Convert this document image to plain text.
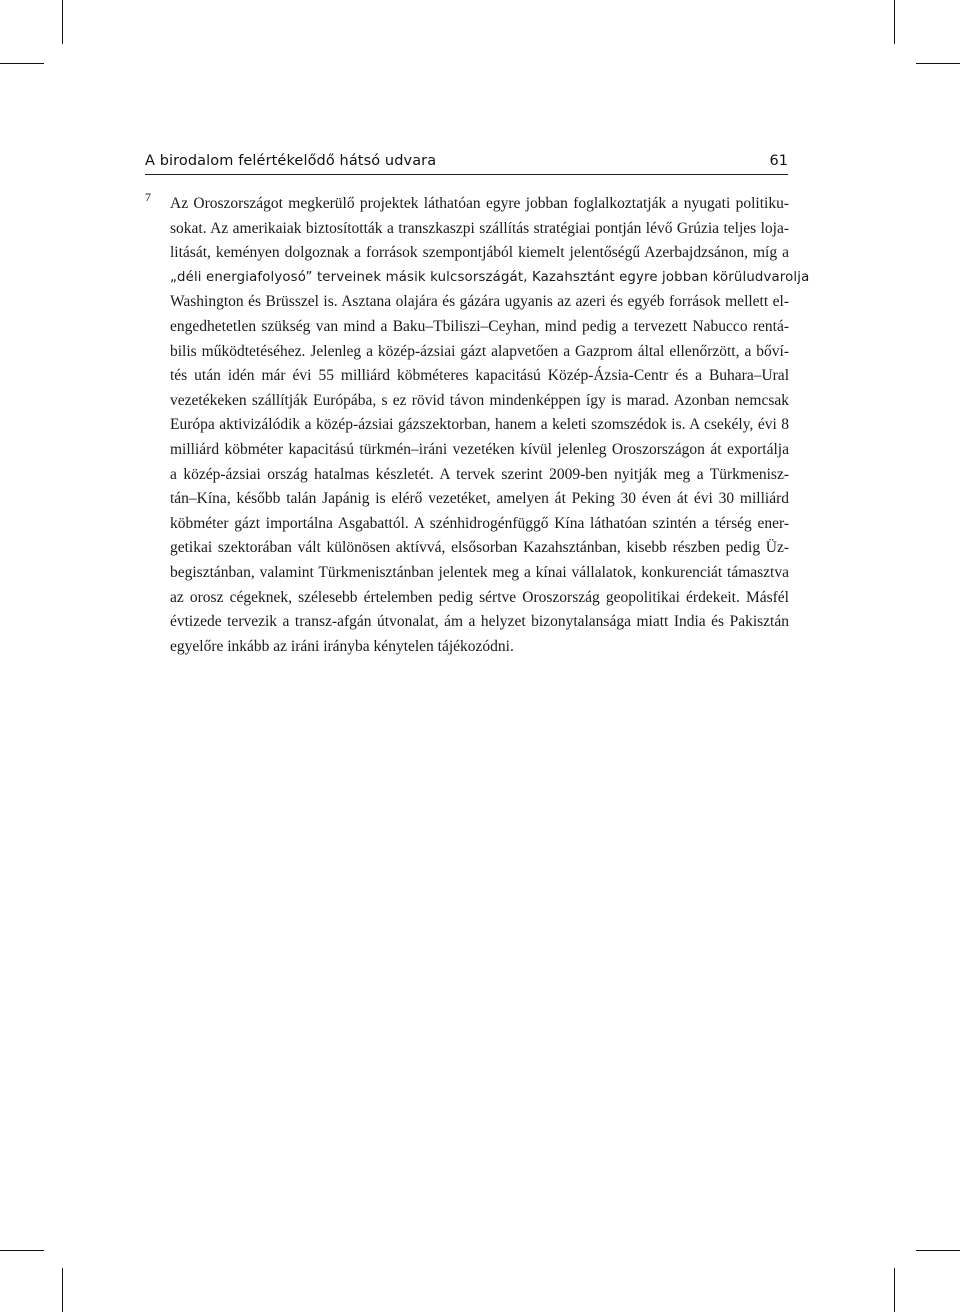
A birodalom felértékelődő hátsó udvara	61
7 Az Oroszországot megkerülő projektek láthatóan egyre jobban foglalkoztatják a nyugati politiku-
sokat. Az amerikaiak biztosították a transzkaszpi szállítás stratégiai pontján lévő Grúzia teljes loja-
litását, keményen dolgoznak a források szempontjából kiemelt jelentőségű Azerbajdzsánon, míg a
„déli energiafolyosó” terveinek másik kulcsországát, Kazahsztánt egyre jobban körüludvarolja
Washington és Brüsszel is. Asztana olajára és gázára ugyanis az azeri és egyéb források mellett el-
engedhetetlen szükség van mind a Baku–Tbiliszi–Ceyhan, mind pedig a tervezett Nabucco rentá-
bilis működtetéséhez. Jelenleg a közép-ázsiai gázt alapvetően a Gazprom által ellenőrzött, a bőví-
tés után idén már évi 55 milliárd köbméteres kapacitású Közép-Ázsia-Centr és a Buhara–Ural
vezetékeken szállítják Európába, s ez rövid távon mindenképpen így is marad. Azonban nemcsak
Európa aktivizálódik a közép-ázsiai gázszektorban, hanem a keleti szomszédok is. A csekély, évi 8
milliárd köbméter kapacitású türkmén–iráni vezetéken kívül jelenleg Oroszországon át exportálja
a közép-ázsiai ország hatalmas készletét. A tervek szerint 2009-ben nyitják meg a Türkmenisz-
tán–Kína, később talán Japánig is elérő vezetéket, amelyen át Peking 30 éven át évi 30 milliárd
köbméter gázt importálna Asgabattól. A szénhidrogénfüggő Kína láthatóan szintén a térség ener-
getikai szektorában vált különösen aktívvá, elsősorban Kazahsztánban, kisebb részben pedig Üz-
begisztánban, valamint Türkmenisztánban jelentek meg a kínai vállalatok, konkurenciát támasztva
az orosz cégeknek, szélesebb értelemben pedig sértve Oroszország geopolitikai érdekeit. Másfél
évtizede tervezik a transz-afgán útvonalat, ám a helyzet bizonytalansága miatt India és Pakisztán
egyelőre inkább az iráni irányba kénytelen tájékozódni.
